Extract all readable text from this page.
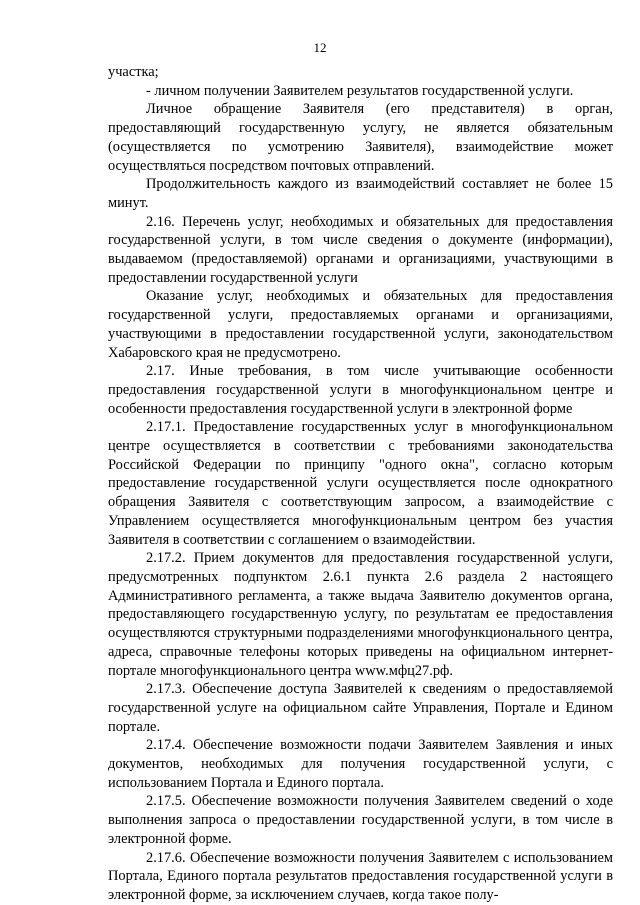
12

участка;

- личном получении Заявителем результатов государственной услуги.

Личное обращение Заявителя (его представителя) в орган, предоставляющий государственную услугу, не является обязательным (осуществляется по усмотрению Заявителя), взаимодействие может осуществляться посредством почтовых отправлений.

Продолжительность каждого из взаимодействий составляет не более 15 минут.

2.16. Перечень услуг, необходимых и обязательных для предоставления государственной услуги, в том числе сведения о документе (информации), выдаваемом (предоставляемой) органами и организациями, участвующими в предоставлении государственной услуги

Оказание услуг, необходимых и обязательных для предоставления государственной услуги, предоставляемых органами и организациями, участвующими в предоставлении государственной услуги, законодательством Хабаровского края не предусмотрено.

2.17. Иные требования, в том числе учитывающие особенности предоставления государственной услуги в многофункциональном центре и особенности предоставления государственной услуги в электронной форме

2.17.1. Предоставление государственных услуг в многофункциональном центре осуществляется в соответствии с требованиями законодательства Российской Федерации по принципу "одного окна", согласно которым предоставление государственной услуги осуществляется после однократного обращения Заявителя с соответствующим запросом, а взаимодействие с Управлением осуществляется многофункциональным центром без участия Заявителя в соответствии с соглашением о взаимодействии.

2.17.2. Прием документов для предоставления государственной услуги, предусмотренных подпунктом 2.6.1 пункта 2.6 раздела 2 настоящего Административного регламента, а также выдача Заявителю документов органа, предоставляющего государственную услугу, по результатам ее предоставления осуществляются структурными подразделениями многофункционального центра, адреса, справочные телефоны которых приведены на официальном интернет-портале многофункционального центра www.мфц27.рф.

2.17.3. Обеспечение доступа Заявителей к сведениям о предоставляемой государственной услуге на официальном сайте Управления, Портале и Едином портале.

2.17.4. Обеспечение возможности подачи Заявителем Заявления и иных документов, необходимых для получения государственной услуги, с использованием Портала и Единого портала.

2.17.5. Обеспечение возможности получения Заявителем сведений о ходе выполнения запроса о предоставлении государственной услуги, в том числе в электронной форме.

2.17.6. Обеспечение возможности получения Заявителем с использованием Портала, Единого портала результатов предоставления государственной услуги в электронной форме, за исключением случаев, когда такое полу-
